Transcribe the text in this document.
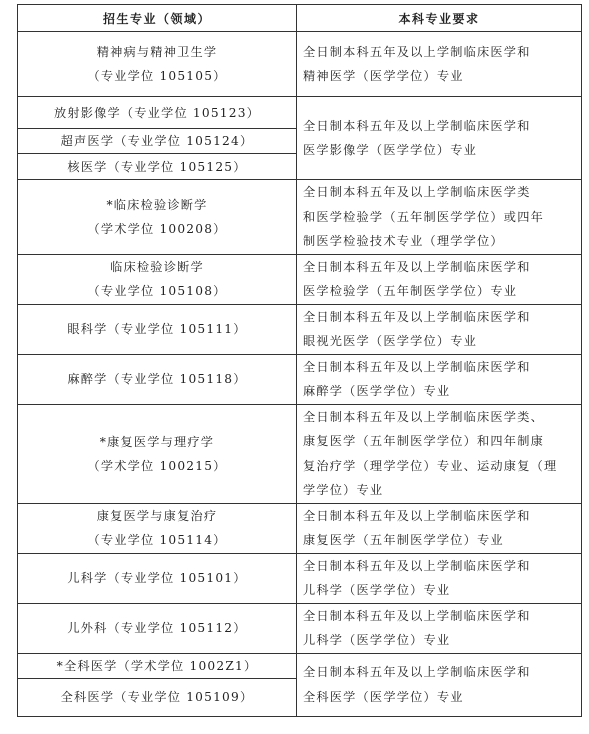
招生专业（领域）	本科专业要求

精神病与精神卫生学
（专业学位 105105）	全日制本科五年及以上学制临床医学和
精神医学（医学学位）专业

放射影像学（专业学位 105123）	全日制本科五年及以上学制临床医学和
医学影像学（医学学位）专业

超声医学（专业学位 105124）	

核医学（专业学位 105125）	

*临床检验诊断学
（学术学位 100208）	全日制本科五年及以上学制临床医学类
和医学检验学（五年制医学学位）或四年
制医学检验技术专业（理学学位）

临床检验诊断学
（专业学位 105108）	全日制本科五年及以上学制临床医学和
医学检验学（五年制医学学位）专业

眼科学（专业学位 105111）	全日制本科五年及以上学制临床医学和
眼视光医学（医学学位）专业

麻醉学（专业学位 105118）	全日制本科五年及以上学制临床医学和
麻醉学（医学学位）专业

*康复医学与理疗学
（学术学位 100215）	全日制本科五年及以上学制临床医学类、
康复医学（五年制医学学位）和四年制康
复治疗学（理学学位）专业、运动康复（理
学学位）专业

康复医学与康复治疗
（专业学位 105114）	全日制本科五年及以上学制临床医学和
康复医学（五年制医学学位）专业

儿科学（专业学位 105101）	全日制本科五年及以上学制临床医学和
儿科学（医学学位）专业

儿外科（专业学位 105112）	全日制本科五年及以上学制临床医学和
儿科学（医学学位）专业

*全科医学（学术学位 1002Z1）	全日制本科五年及以上学制临床医学和
全科医学（医学学位）专业

全科医学（专业学位 105109）	
